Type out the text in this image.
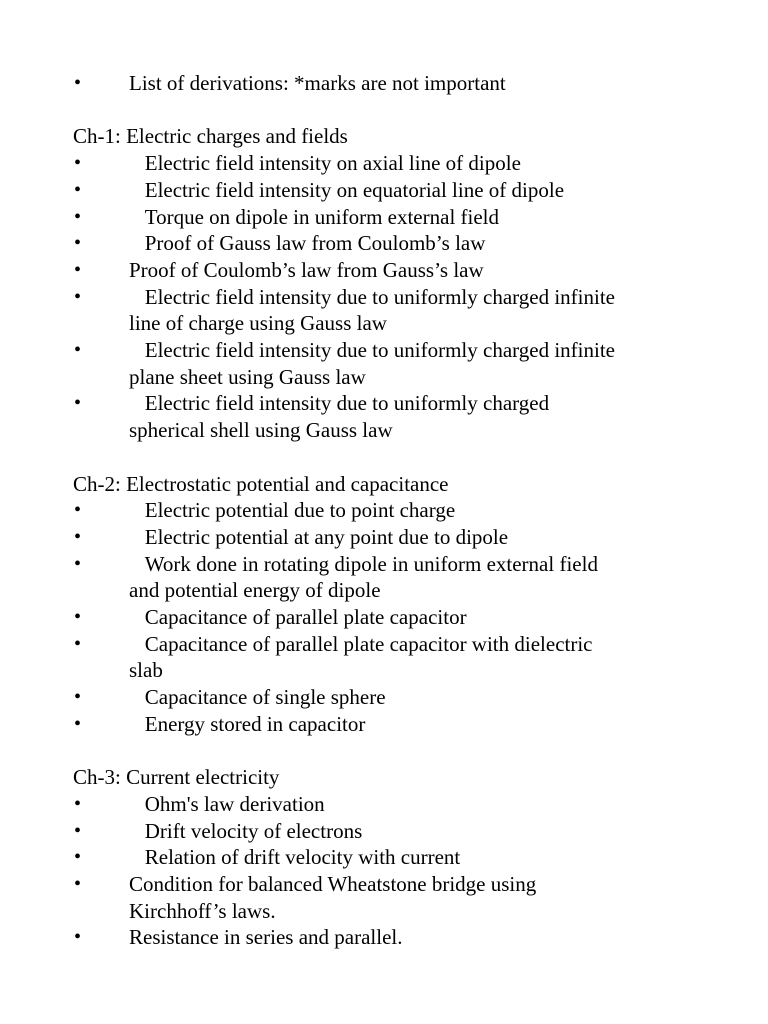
• List of derivations: *marks are not important
Ch-1: Electric charges and fields
• Electric field intensity on axial line of dipole
• Electric field intensity on equatorial line of dipole
• Torque on dipole in uniform external field
• Proof of Gauss law from Coulomb’s law
• Proof of Coulomb’s law from Gauss’s law
• Electric field intensity due to uniformly charged infinite
line of charge using Gauss law
• Electric field intensity due to uniformly charged infinite
plane sheet using Gauss law
• Electric field intensity due to uniformly charged
spherical shell using Gauss law
Ch-2: Electrostatic potential and capacitance
• Electric potential due to point charge
• Electric potential at any point due to dipole
• Work done in rotating dipole in uniform external field
and potential energy of dipole
• Capacitance of parallel plate capacitor
• Capacitance of parallel plate capacitor with dielectric
slab
• Capacitance of single sphere
• Energy stored in capacitor
Ch-3: Current electricity
• Ohm's law derivation
• Drift velocity of electrons
• Relation of drift velocity with current
• Condition for balanced Wheatstone bridge using
Kirchhoff’s laws.
• Resistance in series and parallel.
